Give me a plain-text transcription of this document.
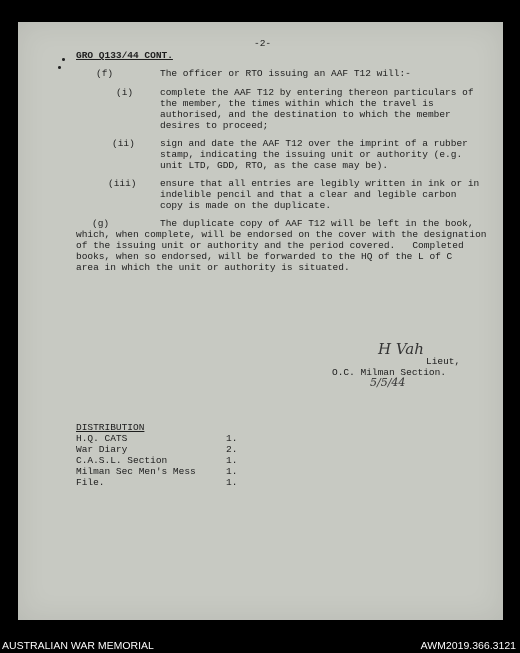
-2-
GRO Q133/44 CONT.
(f)	The officer or RTO issuing an AAF T12 will:-
(i)	complete the AAF T12 by entering thereon particulars of
the member, the times within which the travel is
authorised, and the destination to which the member
desires to proceed;
(ii)	sign and date the AAF T12 over the imprint of a rubber
stamp, indicating the issuing unit or authority (e.g.
unit LTD, GDD, RTO, as the case may be).
(iii) ensure that all entries are legibly written in ink or in
indelible pencil and that a clear and legible carbon
copy is made on the duplicate.
(g)	The duplicate copy of AAF T12 will be left in the book,
which, when complete, will be endorsed on the cover with the designation
of the issuing unit or authority and the period covered.   Completed
books, when so endorsed, will be forwarded to the HQ of the L of C
area in which the unit or authority is situated.
H Vah
Lieut,
O.C. Milman Section.
5/5/44
DISTRIBUTION
H.Q. CATS	1.
War Diary	2.
C.A.S.L. Section	1.
Milman Sec Men's Mess	1.
File.	1.
AUSTRALIAN WAR MEMORIAL	AWM2019.366.3121
